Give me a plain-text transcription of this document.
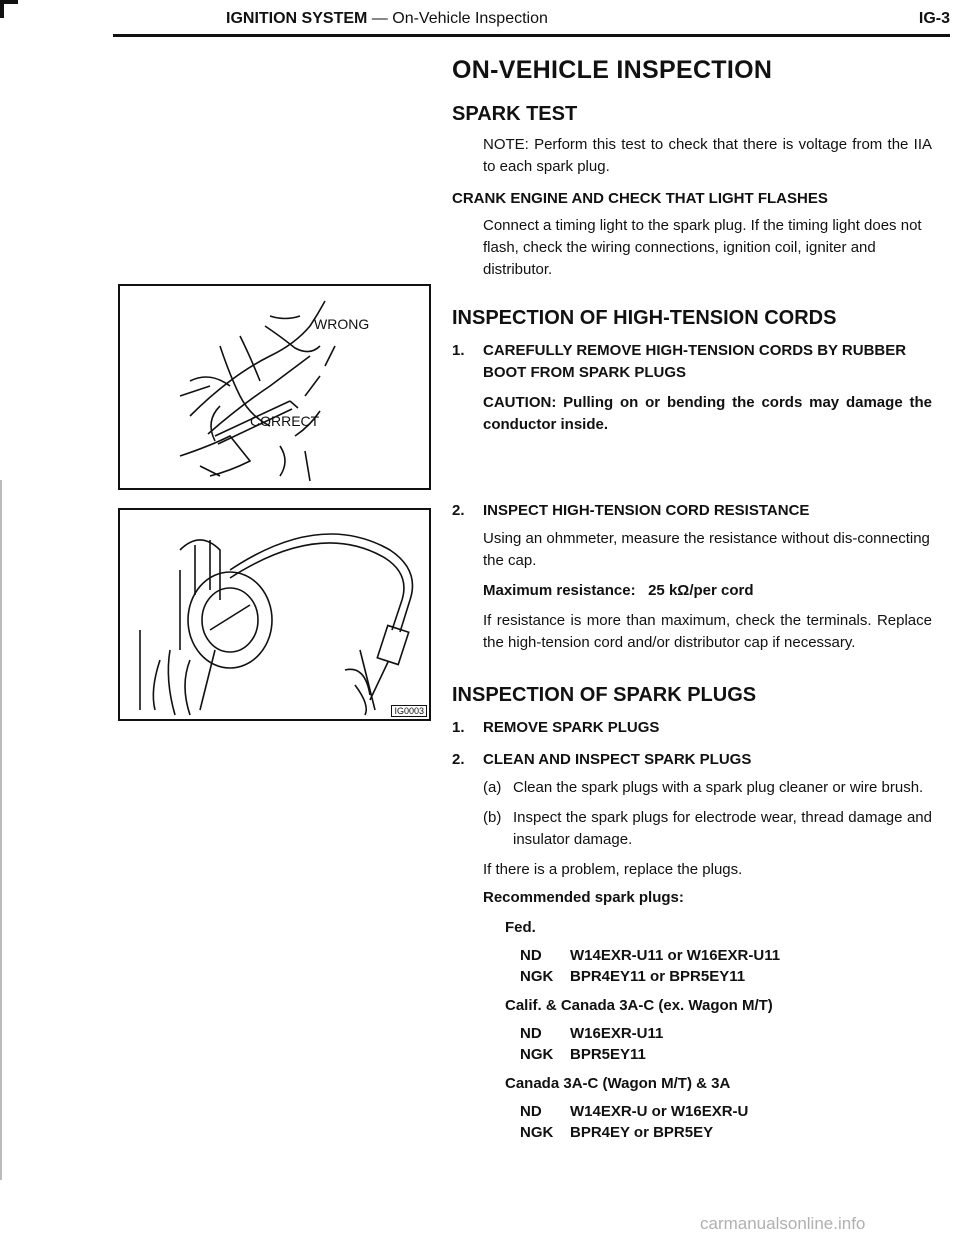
IGNITION SYSTEM — On-Vehicle Inspection	IG-3
WRONG
CORRECT
IG0003
ON-VEHICLE INSPECTION
SPARK TEST

NOTE: Perform this test to check that there is voltage from the IIA to each spark plug.

CRANK ENGINE AND CHECK THAT LIGHT FLASHES

Connect a timing light to the spark plug. If the timing light does not flash, check the wiring connections, ignition coil, igniter and distributor.

INSPECTION OF HIGH-TENSION CORDS
1.	CAREFULLY REMOVE HIGH-TENSION CORDS BY RUBBER BOOT FROM SPARK PLUGS

CAUTION: Pulling on or bending the cords may damage the conductor inside.

2.	INSPECT HIGH-TENSION CORD RESISTANCE

Using an ohmmeter, measure the resistance without dis-connecting the cap.

Maximum resistance: 25 kΩ/per cord

If resistance is more than maximum, check the terminals. Replace the high-tension cord and/or distributor cap if necessary.

INSPECTION OF SPARK PLUGS
1.	REMOVE SPARK PLUGS
2.	CLEAN AND INSPECT SPARK PLUGS

(a) Clean the spark plugs with a spark plug cleaner or wire brush.

(b) Inspect the spark plugs for electrode wear, thread damage and insulator damage.

If there is a problem, replace the plugs.

Recommended spark plugs:

Fed.

ND	W14EXR-U11 or W16EXR-U11
NGK	BPR4EY11 or BPR5EY11

Calif. & Canada 3A-C (ex. Wagon M/T)

ND	W16EXR-U11
NGK	BPR5EY11

Canada 3A-C (Wagon M/T) & 3A

ND	W14EXR-U or W16EXR-U
NGK	BPR4EY or BPR5EY
carmanualsonline.info
